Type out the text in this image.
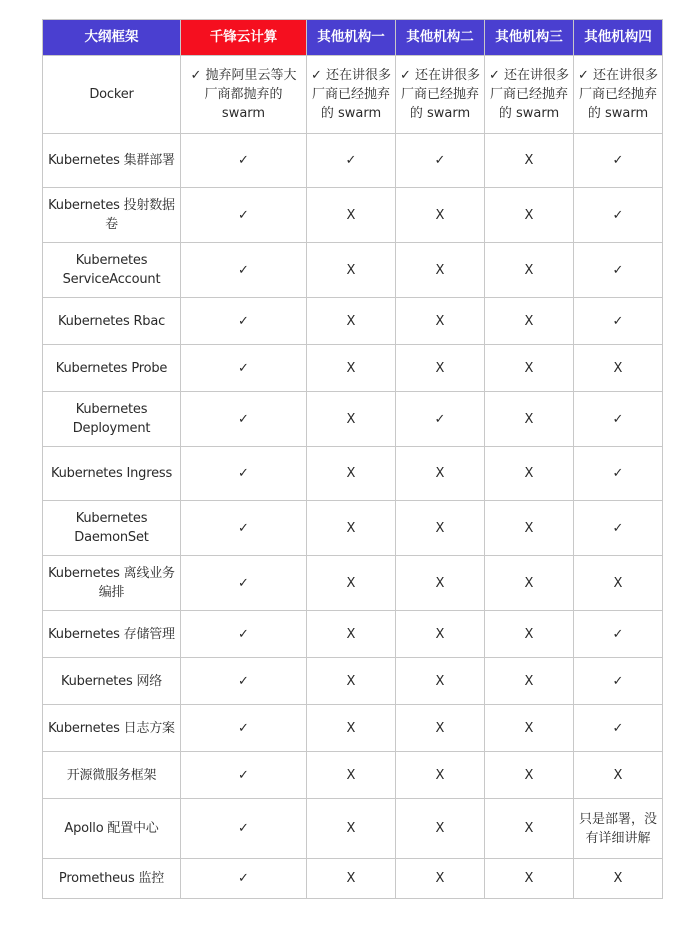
大纲框架	千锋云计算	其他机构一	其他机构二	其他机构三	其他机构四
Docker	✓ 抛弃阿里云等大厂商都抛弃的swarm	✓ 还在讲很多厂商已经抛弃的 swarm	✓ 还在讲很多厂商已经抛弃的 swarm	✓ 还在讲很多厂商已经抛弃的 swarm	✓ 还在讲很多厂商已经抛弃的 swarm
Kubernetes 集群部署	✓	✓	✓	X	✓
Kubernetes 投射数据卷	✓	X	X	X	✓
Kubernetes ServiceAccount	✓	X	X	X	✓
Kubernetes Rbac	✓	X	X	X	✓
Kubernetes Probe	✓	X	X	X	X
Kubernetes Deployment	✓	X	✓	X	✓
Kubernetes Ingress	✓	X	X	X	✓
Kubernetes DaemonSet	✓	X	X	X	✓
Kubernetes 离线业务编排	✓	X	X	X	X
Kubernetes 存储管理	✓	X	X	X	✓
Kubernetes 网络	✓	X	X	X	✓
Kubernetes 日志方案	✓	X	X	X	✓
开源微服务框架	✓	X	X	X	X
Apollo 配置中心	✓	X	X	X	只是部署，没有详细讲解
Prometheus 监控	✓	X	X	X	X
